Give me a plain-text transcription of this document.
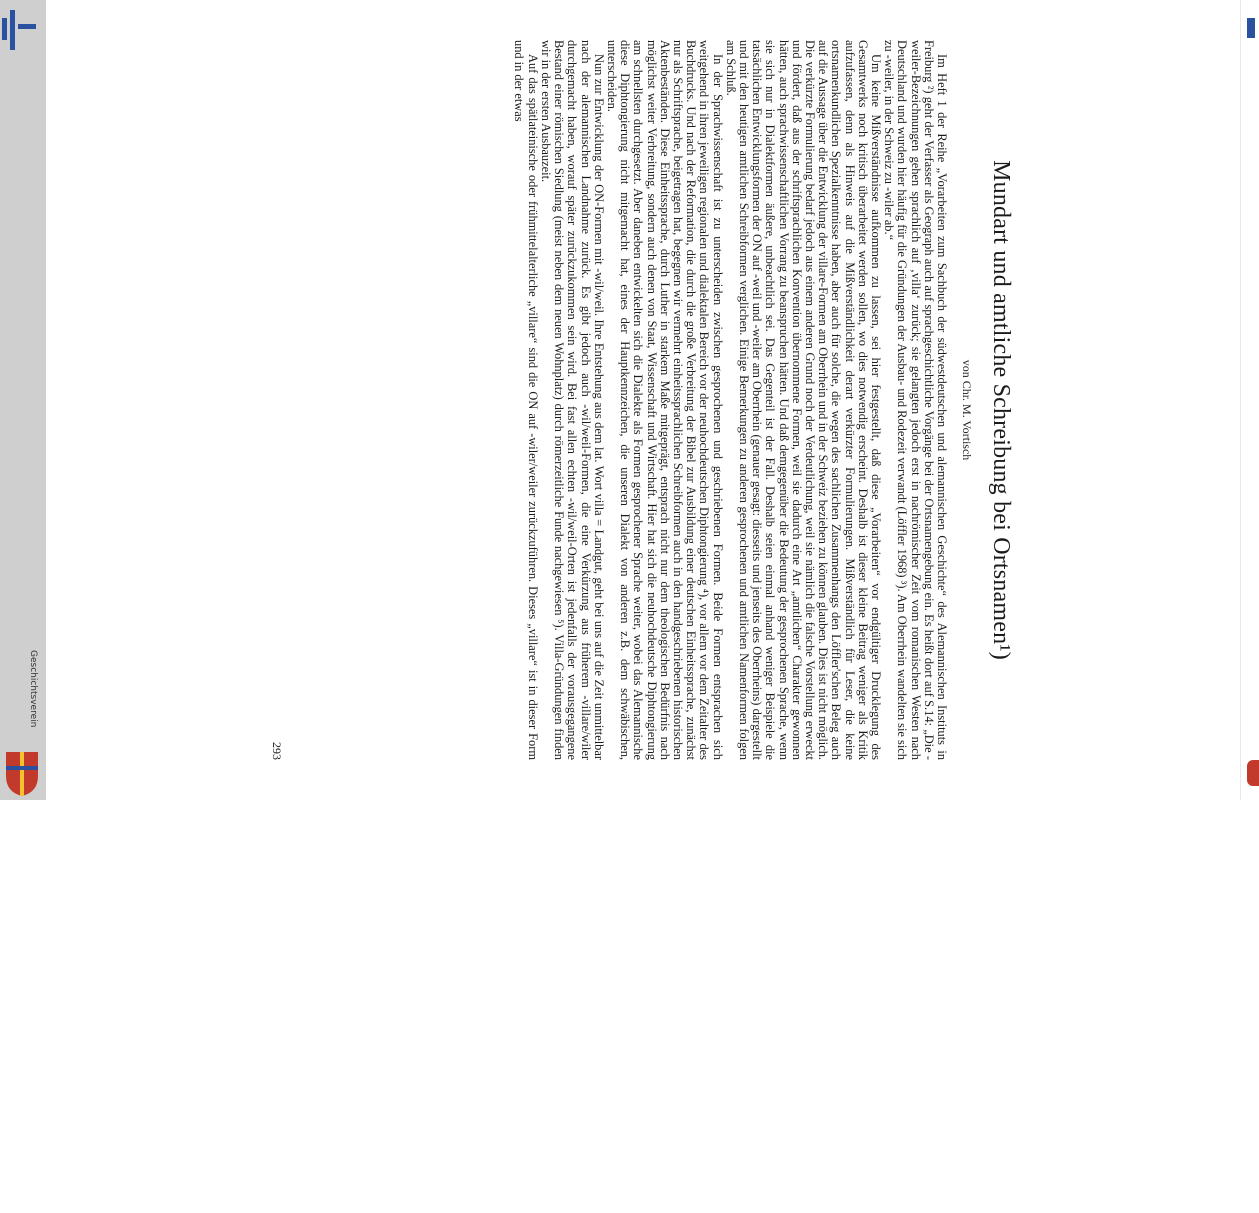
Geschichtsverein
Mundart und amtliche Schreibung bei Ortsnamen¹)
von Chr. M. Vortisch

Im Heft 1 der Reihe „Vorarbeiten zum Sachbuch der südwestdeutschen und alemannischen Geschichte“ des Alemannischen Instituts in Freiburg ²) geht der Verfasser als Geograph auch auf sprachgeschichtliche Vorgänge bei der Ortsnamengebung ein. Es heißt dort auf S.14: „Die -weiler-Bezeichnungen gehen sprachlich auf ‚villa‘ zurück; sie gelangten jedoch erst in nachrömischer Zeit vom romanischen Westen nach Deutschland und wurden hier häufig für die Gründungen der Ausbau- und Rodezeit verwandt (Löffler 1968) ³). Am Oberrhein wandelten sie sich zu -weiler, in der Schweiz zu -wiler ab.“

Um keine Mißverständnisse aufkommen zu lassen, sei hier festgestellt, daß diese „Vorarbeiten“ vor endgültiger Drucklegung des Gesamtwerks noch kritisch überarbeitet werden sollen, wo dies notwendig erscheint. Deshalb ist dieser kleine Beitrag weniger als Kritik aufzufassen, denn als Hinweis auf die Mißverständlichkeit derart verkürzter Formulierungen. Mißverständlich für Leser, die keine ortsnamenkundlichen Spezialkenntnisse haben, aber auch für solche, die wegen des sachlichen Zusammenhangs den Löffler'schen Beleg auch auf die Aussage über die Entwicklung der villare-Formen am Oberrhein und in der Schweiz beziehen zu können glauben. Dies ist nicht möglich. Die verkürzte Formulierung bedarf jedoch aus einem anderen Grund noch der Verdeutlichung, weil sie nämlich die falsche Vorstellung erweckt und fördert, daß aus der schriftsprachlichen Konvention übernommene Formen, weil sie dadurch eine Art „amtlichen“ Charakter gewonnen hätten, auch sprachwissenschaftlichen Vorrang zu beanspruchen hätten. Und daß demgegenüber die Bedeutung der gesprochenen Sprache, wenn sie sich nur in Dialektformen äußere, unbeachtlich sei. Das Gegenteil ist der Fall. Deshalb seien einmal anhand weniger Beispiele die tatsächlichen Entwicklungsformen der ON auf -weil und -weiler am Oberrhein (genauer gesagt: diesseits und jenseits des Oberrheins) dargestellt und mit den heutigen amtlichen Schreibformen verglichen. Einige Bemerkungen zu anderen gesprochenen und amtlichen Namenformen folgen am Schluß.

In der Sprachwissenschaft ist zu unterscheiden zwischen gesprochenen und geschriebenen Formen. Beide Formen entsprachen sich weitgehend in ihren jeweiligen regionalen und dialektalen Bereich vor der neuhochdeutschen Diphtongierung ⁴), vor allem vor dem Zeitalter des Buchdrucks. Und nach der Reformation, die durch die große Verbreitung der Bibel zur Ausbildung einer deutschen Einheitssprache, zunächst nur als Schriftsprache, beigetragen hat, begegnen wir vermehrt einheitssprachlichen Schreibformen auch in den handgeschriebenen historischen Aktenbeständen. Diese Einheitssprache, durch Luther in starkem Maße mitgeprägt, entsprach nicht nur dem theologischen Bedürfnis nach möglichst weiter Verbreitung, sondern auch denen von Staat, Wissenschaft und Wirtschaft. Hier hat sich die neuhochdeutsche Diphtongierung am schnellsten durchgesetzt. Aber daneben entwickelten sich die Dialekte als Formen gesprochener Sprache weiter, wobei das Alemannische diese Diphtongierung nicht mitgemacht hat, eines der Hauptkennzeichen, die unseren Dialekt von anderen z.B. dem schwäbischen, unterscheiden.

Nun zur Entwicklung der ON-Formen mit -wil/weil. Ihre Entstehung aus dem lat. Wort villa = Landgut, geht bei uns auf die Zeit unmittelbar nach der alemannischen Landnahme zurück. Es gibt jedoch auch -wil/weil-Formen, die eine Verkürzung aus früherem -villare/wiler durchgemacht haben, worauf später zurückzukommen sein wird. Bei fast allen echten -wil/weil-Orten ist jedenfalls der vorausgegangene Bestand einer römischen Siedlung (meist neben dem neuen Wohnplatz) durch römerzeitliche Funde nachgewiesen ⁵). Villa-Gründungen finden wir in der ersten Ausbauzeit.

Auf das spätlateinische oder frühmittelalterliche „villare“ sind die ON auf -wiler/weiler zurückzuführen. Dieses „villare“ ist in dieser Form und in der etwas

293
